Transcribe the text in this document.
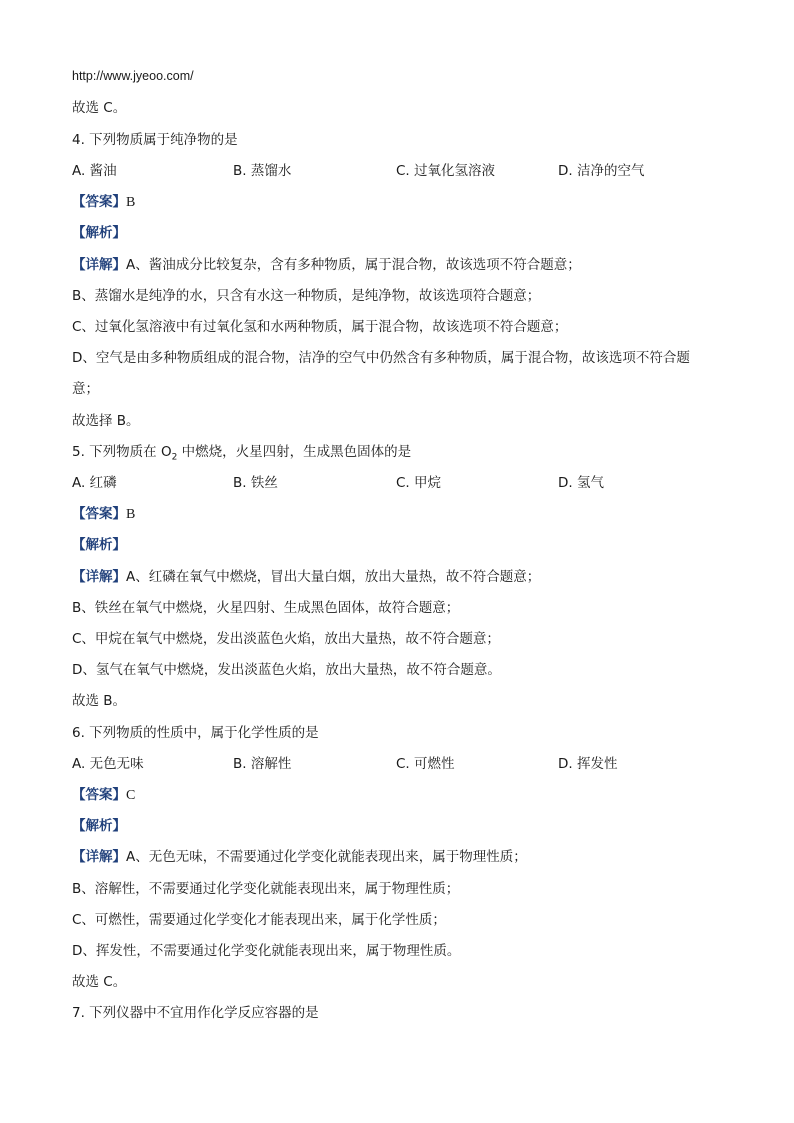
http://www.jyeoo.com/
故选 C。
4. 下列物质属于纯净物的是
A. 酱油	B. 蒸馏水	C. 过氧化氢溶液	D. 洁净的空气
【答案】B
【解析】
【详解】A、酱油成分比较复杂，含有多种物质，属于混合物，故该选项不符合题意；
B、蒸馏水是纯净的水，只含有水这一种物质，是纯净物，故该选项符合题意；
C、过氧化氢溶液中有过氧化氢和水两种物质，属于混合物，故该选项不符合题意；
D、空气是由多种物质组成的混合物，洁净的空气中仍然含有多种物质，属于混合物，故该选项不符合题
意；
故选择 B。
5. 下列物质在 $O_2$ 中燃烧，火星四射，生成黑色固体的是
A. 红磷	B. 铁丝	C. 甲烷	D. 氢气
【答案】B
【解析】
【详解】A、红磷在氧气中燃烧，冒出大量白烟，放出大量热，故不符合题意；
B、铁丝在氧气中燃烧，火星四射、生成黑色固体，故符合题意；
C、甲烷在氧气中燃烧，发出淡蓝色火焰，放出大量热，故不符合题意；
D、氢气在氧气中燃烧，发出淡蓝色火焰，放出大量热，故不符合题意。
故选 B。
6. 下列物质的性质中，属于化学性质的是
A. 无色无味	B. 溶解性	C. 可燃性	D. 挥发性
【答案】C
【解析】
【详解】A、无色无味，不需要通过化学变化就能表现出来，属于物理性质；
B、溶解性，不需要通过化学变化就能表现出来，属于物理性质；
C、可燃性，需要通过化学变化才能表现出来，属于化学性质；
D、挥发性，不需要通过化学变化就能表现出来，属于物理性质。
故选 C。
7. 下列仪器中不宜用作化学反应容器的是
